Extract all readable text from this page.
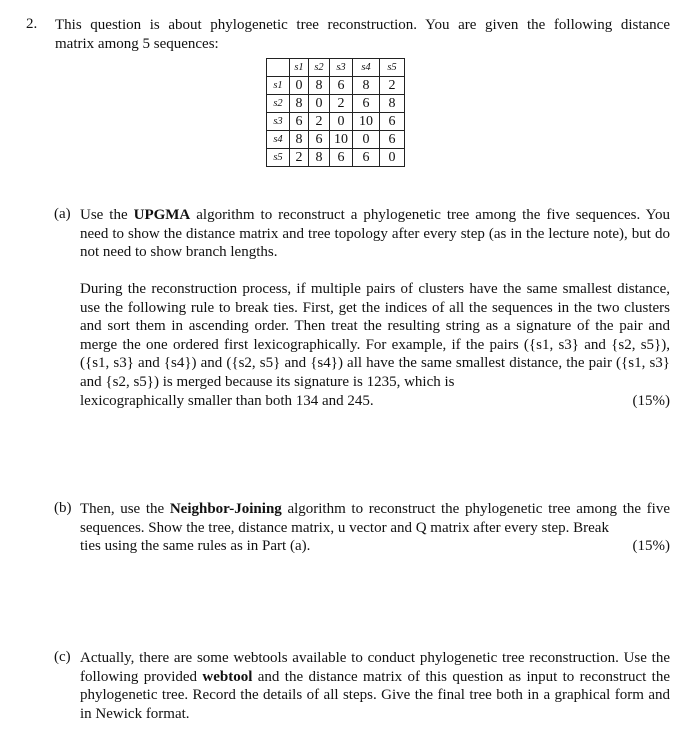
2. This question is about phylogenetic tree reconstruction. You are given the following distance
matrix among 5 sequences:
	s1	s2	s3	s4	s5
s1	0	8	6	8	2
s2	8	0	2	6	8
s3	6	2	0	10	6
s4	8	6	10	0	6
s5	2	8	6	6	0
(a) Use the UPGMA algorithm to reconstruct a phylogenetic tree among the five sequences. You need to show the distance matrix and tree topology after every step (as in the lecture note), but do not need to show branch lengths.
During the reconstruction process, if multiple pairs of clusters have the same smallest distance, use the following rule to break ties. First, get the indices of all the sequences in the two clusters and sort them in ascending order. Then treat the resulting string as a signature of the pair and merge the one ordered first lexicographically. For example, if the pairs ({s1, s3} and {s2, s5}), ({s1, s3} and {s4}) and ({s2, s5} and {s4}) all have the same smallest distance, the pair ({s1, s3} and {s2, s5}) is merged because its signature is 1235, which is
(15%)
lexicographically smaller than both 134 and 245.
(b) Then, use the Neighbor-Joining algorithm to reconstruct the phylogenetic tree among the five sequences. Show the tree, distance matrix, u vector and Q matrix after every step. Break
(15%)
ties using the same rules as in Part (a).
(c) Actually, there are some webtools available to conduct phylogenetic tree reconstruction. Use the following provided webtool and the distance matrix of this question as input to reconstruct the phylogenetic tree. Record the details of all steps. Give the final tree both in a graphical form and in Newick format.
